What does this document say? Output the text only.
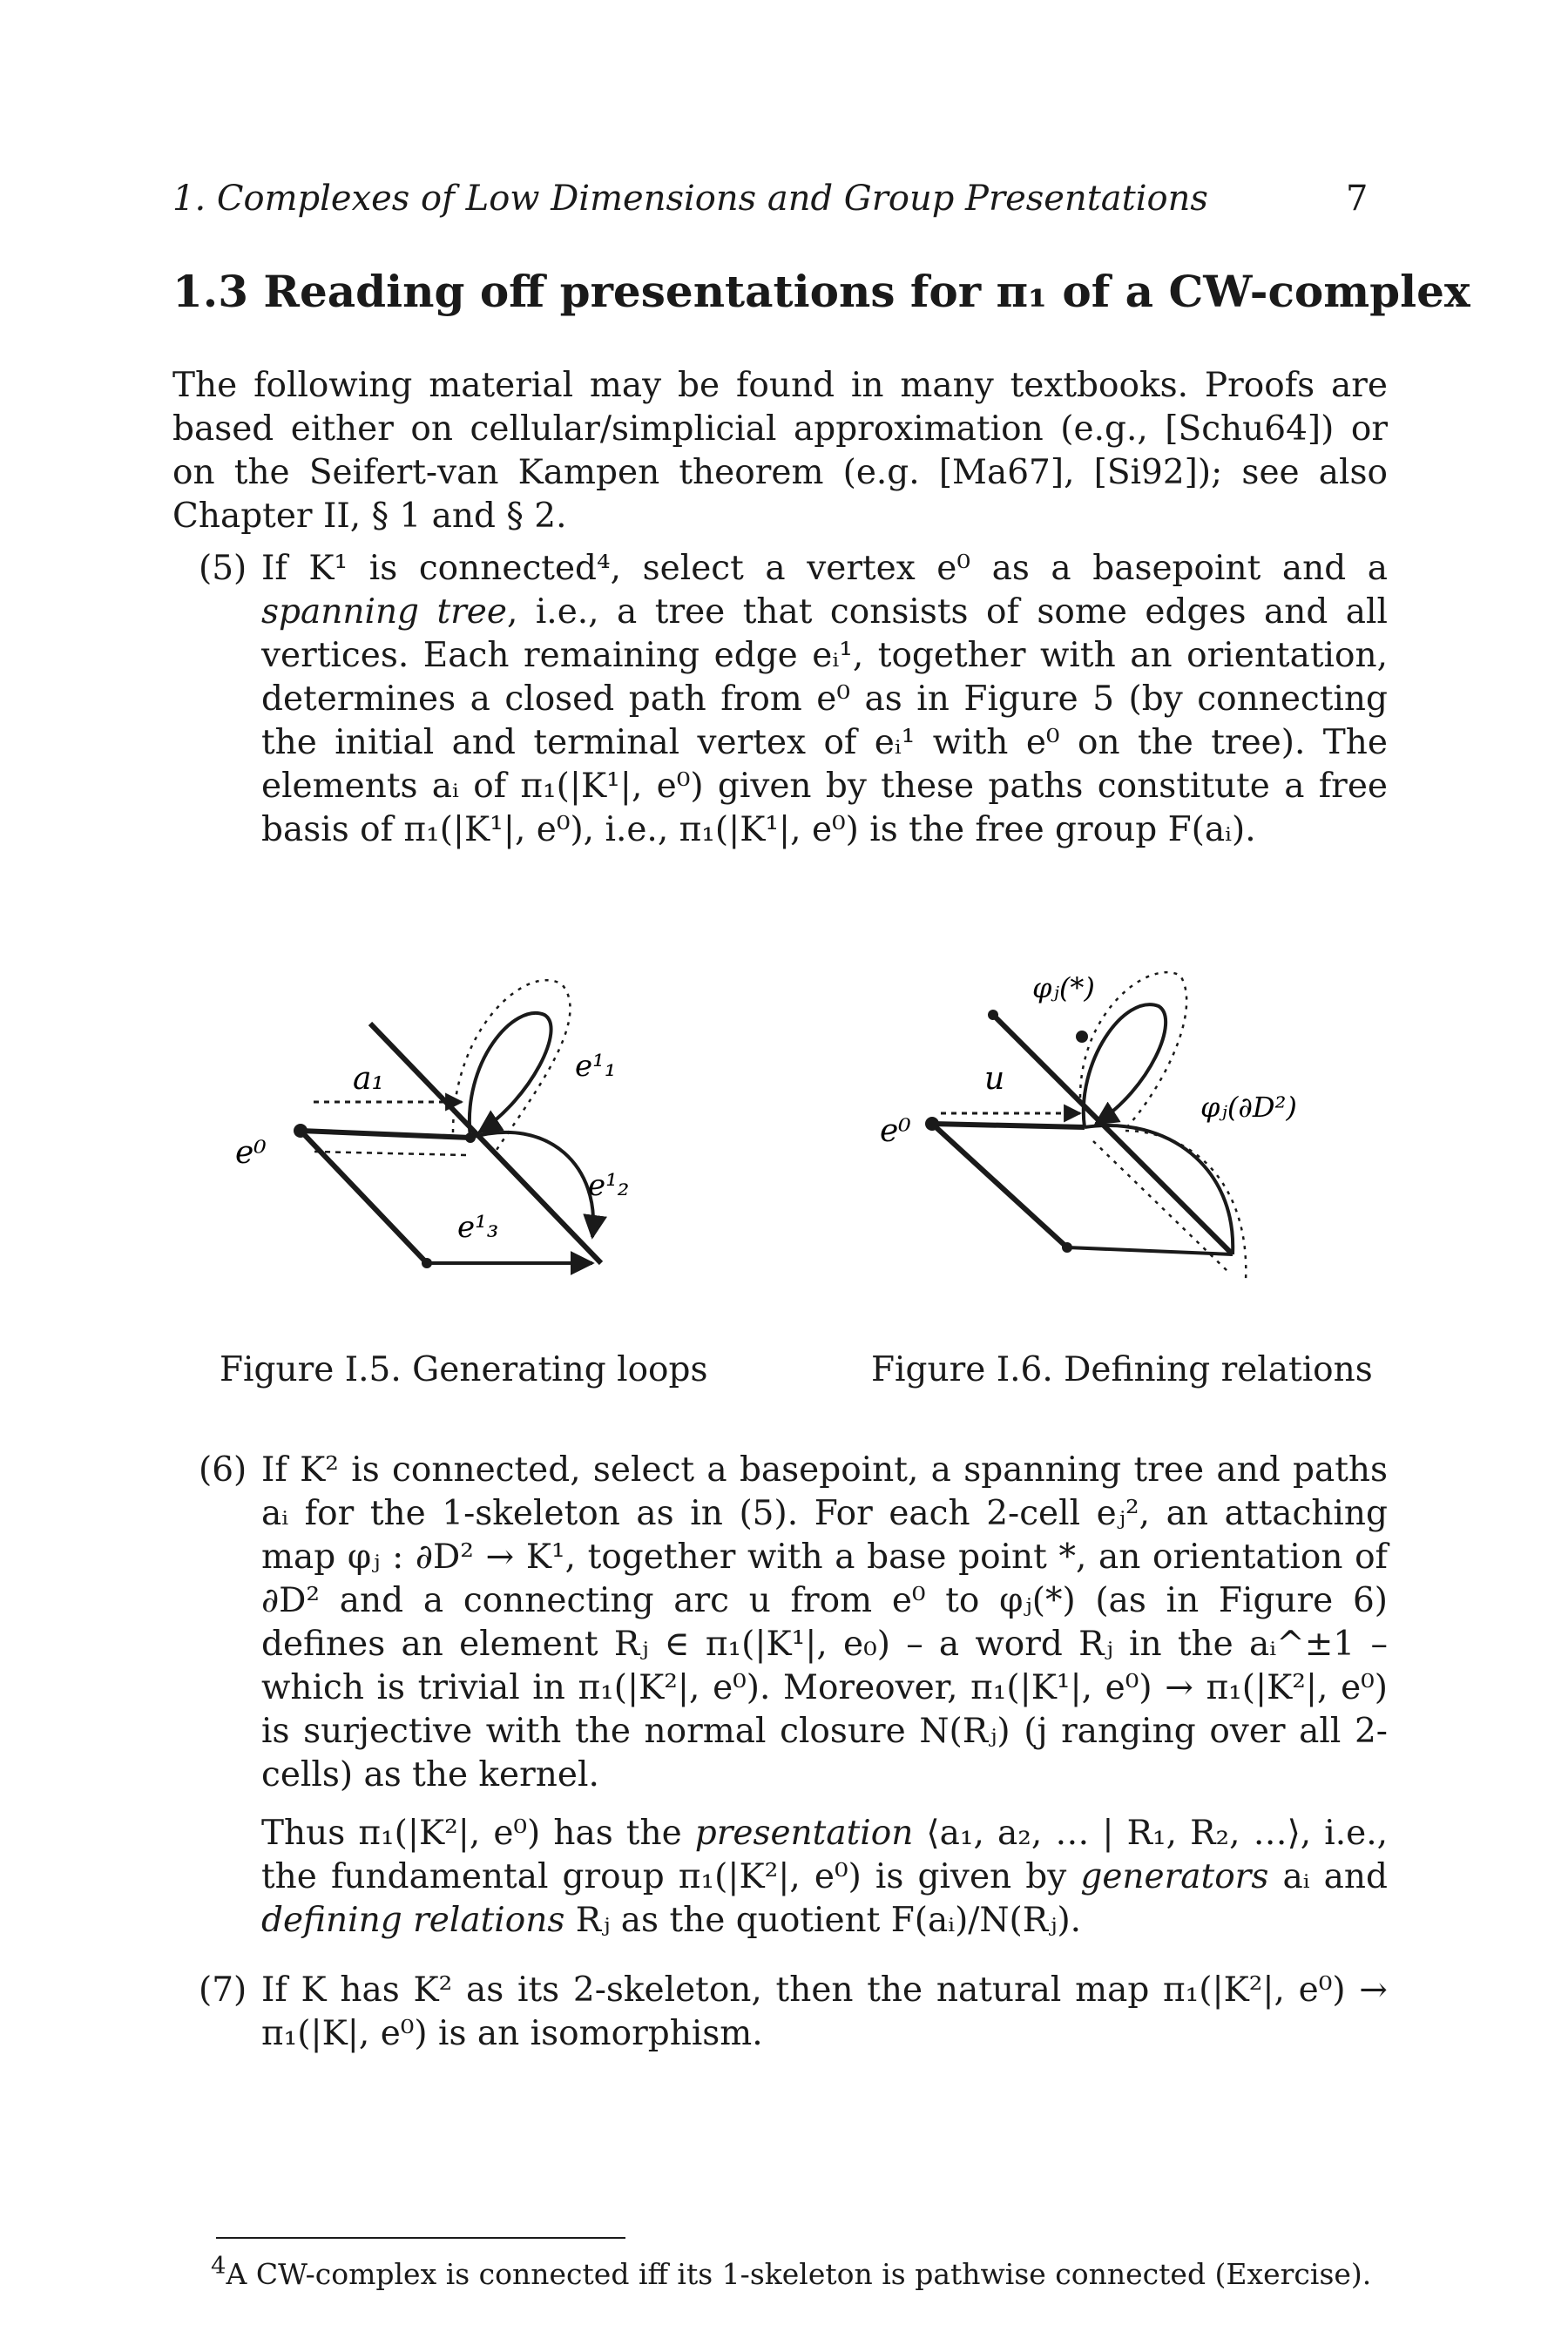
1. Complexes of Low Dimensions and Group Presentations	7
1.3 Reading off presentations for π₁ of a CW-complex
The following material may be found in many textbooks. Proofs are based either on cellular/simplicial approximation (e.g., [Schu64]) or on the Seifert-van Kampen theorem (e.g. [Ma67], [Si92]); see also Chapter II, § 1 and § 2.
(5) If K¹ is connected⁴, select a vertex e⁰ as a basepoint and a spanning tree, i.e., a tree that consists of some edges and all vertices. Each remaining edge eᵢ¹, together with an orientation, determines a closed path from e⁰ as in Figure 5 (by connecting the initial and terminal vertex of eᵢ¹ with e⁰ on the tree). The elements aᵢ of π₁(|K¹|, e⁰) given by these paths constitute a free basis of π₁(|K¹|, e⁰), i.e., π₁(|K¹|, e⁰) is the free group F(aᵢ).
e⁰
a₁	e¹₁
e¹₂
e¹₃
φⱼ(*)
u
e⁰
φⱼ(∂D²)
Figure I.5. Generating loops	Figure I.6. Defining relations
(6) If K² is connected, select a basepoint, a spanning tree and paths aᵢ for the 1-skeleton as in (5). For each 2-cell eⱼ², an attaching map φⱼ : ∂D² → K¹, together with a base point *, an orientation of ∂D² and a connecting arc u from e⁰ to φⱼ(*) (as in Figure 6) defines an element Rⱼ ∈ π₁(|K¹|, e₀) – a word Rⱼ in the aᵢ^±1 – which is trivial in π₁(|K²|, e⁰). Moreover, π₁(|K¹|, e⁰) → π₁(|K²|, e⁰) is surjective with the normal closure N(Rⱼ) (j ranging over all 2-cells) as the kernel.
Thus π₁(|K²|, e⁰) has the presentation ⟨a₁, a₂, … | R₁, R₂, …⟩, i.e., the fundamental group π₁(|K²|, e⁰) is given by generators aᵢ and defining relations Rⱼ as the quotient F(aᵢ)/N(Rⱼ).
(7) If K has K² as its 2-skeleton, then the natural map π₁(|K²|, e⁰) → π₁(|K|, e⁰) is an isomorphism.
$^4$A CW-complex is connected iff its 1-skeleton is pathwise connected (Exercise).
